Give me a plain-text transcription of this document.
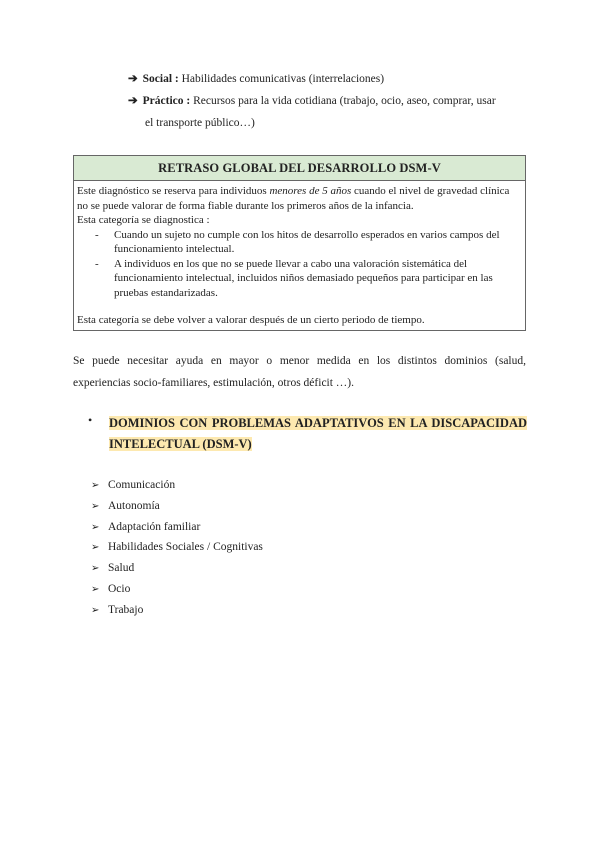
➔ Social : Habilidades comunicativas (interrelaciones)
➔ Práctico : Recursos para la vida cotidiana (trabajo, ocio, aseo, comprar, usar
el transporte público…)
RETRASO GLOBAL DEL DESARROLLO DSM-V

Este diagnóstico se reserva para individuos menores de 5 años cuando el nivel de gravedad clínica no se puede valorar de forma fiable durante los primeros años de la infancia.

Esta categoría se diagnostica :

- Cuando un sujeto no cumple con los hitos de desarrollo esperados en varios campos del funcionamiento intelectual.
- A individuos en los que no se puede llevar a cabo una valoración sistemática del funcionamiento intelectual, incluidos niños demasiado pequeños para participar en las pruebas estandarizadas.
Esta categoría se debe volver a valorar después de un cierto periodo de tiempo.
Se puede necesitar ayuda en mayor o menor medida en los distintos dominios (salud,
experiencias socio-familiares, estimulación, otros déficit …).
• DOMINIOS CON PROBLEMAS ADAPTATIVOS EN LA DISCAPACIDAD
INTELECTUAL (DSM-V)
➢ Comunicación
➢ Autonomía
➢ Adaptación familiar
➢ Habilidades Sociales / Cognitivas
➢ Salud
➢ Ocio
➢ Trabajo
